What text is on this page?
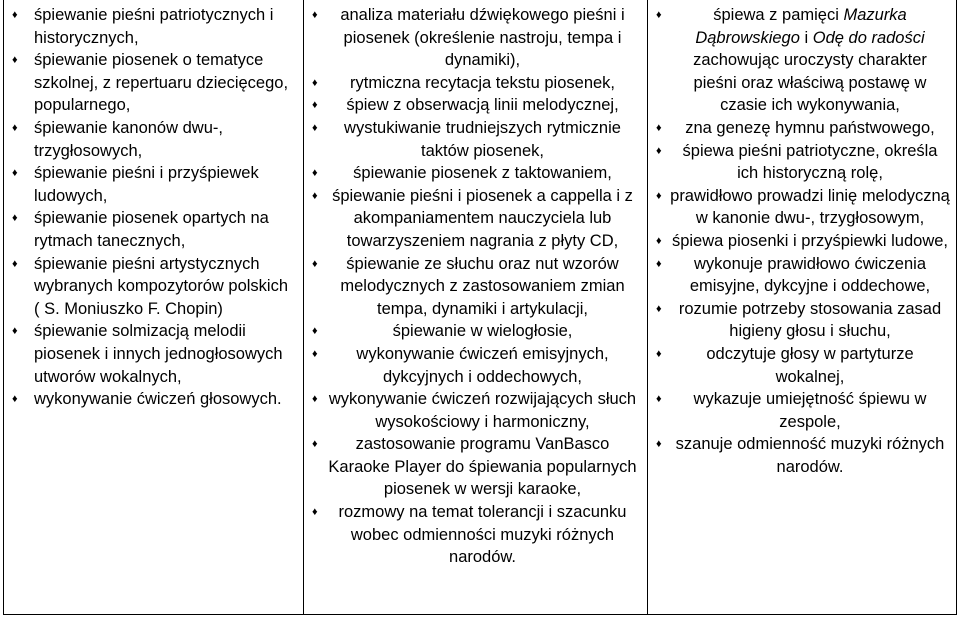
♦ śpiewanie pieśni patriotycznych i historycznych,
♦ śpiewanie piosenek o tematyce szkolnej, z repertuaru dziecięcego, popularnego,
♦ śpiewanie kanonów dwu-, trzygłosowych,
♦ śpiewanie pieśni i przyśpiewek ludowych,
♦ śpiewanie piosenek opartych na rytmach tanecznych,
♦ śpiewanie pieśni artystycznych wybranych kompozytorów polskich ( S. Moniuszko F. Chopin)
♦ śpiewanie solmizacją melodii piosenek i innych jednogłosowych utworów wokalnych,
♦ wykonywanie ćwiczeń głosowych.
♦ analiza materiału dźwiękowego pieśni i piosenek (określenie nastroju, tempa i dynamiki),
♦ rytmiczna recytacja tekstu piosenek,
♦ śpiew z obserwacją linii melodycznej,
♦ wystukiwanie trudniejszych rytmicznie taktów piosenek,
♦ śpiewanie piosenek z taktowaniem,
♦ śpiewanie pieśni i piosenek a cappella i z akompaniamentem nauczyciela lub towarzyszeniem nagrania z płyty CD,
♦ śpiewanie ze słuchu oraz nut wzorów melodycznych z zastosowaniem zmian tempa, dynamiki i artykulacji,
♦ śpiewanie w wielogłosie,
♦ wykonywanie ćwiczeń emisyjnych, dykcyjnych i oddechowych,
♦ wykonywanie ćwiczeń rozwijających słuch wysokościowy i harmoniczny,
♦ zastosowanie programu VanBasco Karaoke Player do śpiewania popularnych piosenek w wersji karaoke,
♦ rozmowy na temat tolerancji i szacunku wobec odmienności muzyki różnych narodów.
♦ śpiewa z pamięci Mazurka Dąbrowskiego i Odę do radości zachowując uroczysty charakter pieśni oraz właściwą postawę w czasie ich wykonywania,
♦ zna genezę hymnu państwowego,
♦ śpiewa pieśni patriotyczne, określa ich historyczną rolę,
♦ prawidłowo prowadzi linię melodyczną w kanonie dwu-, trzygłosowym,
♦ śpiewa piosenki i przyśpiewki ludowe,
♦ wykonuje prawidłowo ćwiczenia emisyjne, dykcyjne i oddechowe,
♦ rozumie potrzeby stosowania zasad higieny głosu i słuchu,
♦ odczytuje głosy w partyturze wokalnej,
♦ wykazuje umiejętność śpiewu w zespole,
♦ szanuje odmienność muzyki różnych narodów.
